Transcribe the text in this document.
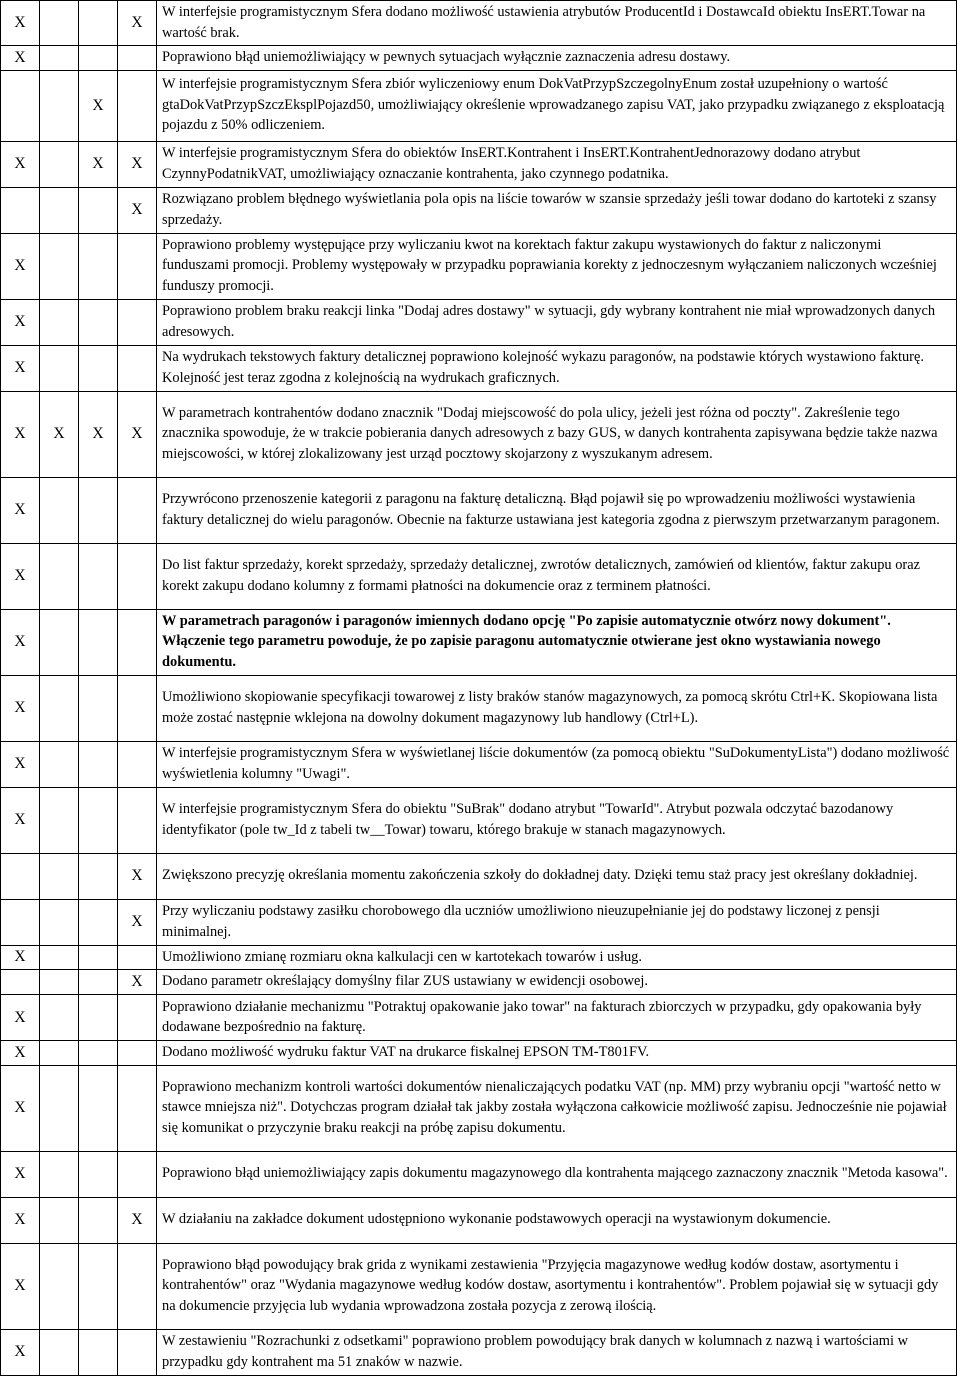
X			X	W interfejsie programistycznym Sfera dodano możliwość ustawienia atrybutów ProducentId i DostawcaId obiektu InsERT.Towar na wartość brak.
X				Poprawiono błąd uniemożliwiający w pewnych sytuacjach wyłącznie zaznaczenia adresu dostawy.
		X		W interfejsie programistycznym Sfera zbiór wyliczeniowy enum DokVatPrzypSzczegolnyEnum został uzupełniony o wartość gtaDokVatPrzypSzczEksplPojazd50, umożliwiający określenie wprowadzanego zapisu VAT, jako przypadku związanego z eksploatacją pojazdu z 50% odliczeniem.
X		X	X	W interfejsie programistycznym Sfera do obiektów InsERT.Kontrahent i InsERT.KontrahentJednorazowy dodano atrybut CzynnyPodatnikVAT, umożliwiający oznaczanie kontrahenta, jako czynnego podatnika.
			X	Rozwiązano problem błędnego wyświetlania pola opis na liście towarów w szansie sprzedaży jeśli towar dodano do kartoteki z szansy sprzedaży.
X				Poprawiono problemy występujące przy wyliczaniu kwot na korektach faktur zakupu wystawionych do faktur z naliczonymi funduszami promocji. Problemy występowały w przypadku poprawiania korekty z jednoczesnym wyłączaniem naliczonych wcześniej funduszy promocji.
X				Poprawiono problem braku reakcji linka "Dodaj adres dostawy" w sytuacji, gdy wybrany kontrahent nie miał wprowadzonych danych adresowych.
X				Na wydrukach tekstowych faktury detalicznej poprawiono kolejność wykazu paragonów, na podstawie których wystawiono fakturę. Kolejność jest teraz zgodna z kolejnością na wydrukach graficznych.
X	X	X	X	W parametrach kontrahentów dodano znacznik "Dodaj miejscowość do pola ulicy, jeżeli jest różna od poczty". Zakreślenie tego znacznika spowoduje, że w trakcie pobierania danych adresowych z bazy GUS, w danych kontrahenta zapisywana będzie także nazwa miejscowości, w której zlokalizowany jest urząd pocztowy skojarzony z wyszukanym adresem.
X				Przywrócono przenoszenie kategorii z paragonu na fakturę detaliczną. Błąd pojawił się po wprowadzeniu możliwości wystawienia faktury detalicznej do wielu paragonów. Obecnie na fakturze ustawiana jest kategoria zgodna z pierwszym przetwarzanym paragonem.
X				Do list faktur sprzedaży, korekt sprzedaży, sprzedaży detalicznej, zwrotów detalicznych, zamówień od klientów, faktur zakupu oraz korekt zakupu dodano kolumny z formami płatności na dokumencie oraz z terminem płatności.
X				W parametrach paragonów i paragonów imiennych dodano opcję "Po zapisie automatycznie otwórz nowy dokument". Włączenie tego parametru powoduje, że po zapisie paragonu automatycznie otwierane jest okno wystawiania nowego dokumentu.
X				Umożliwiono skopiowanie specyfikacji towarowej z listy braków stanów magazynowych, za pomocą skrótu Ctrl+K. Skopiowana lista może zostać następnie wklejona na dowolny dokument magazynowy lub handlowy (Ctrl+L).
X				W interfejsie programistycznym Sfera w wyświetlanej liście dokumentów (za pomocą obiektu "SuDokumentyLista") dodano możliwość wyświetlenia kolumny "Uwagi".
X				W interfejsie programistycznym Sfera do obiektu "SuBrak" dodano atrybut "TowarId". Atrybut pozwala odczytać bazodanowy identyfikator (pole tw_Id z tabeli tw__Towar) towaru, którego brakuje w stanach magazynowych.
			X	Zwiększono precyzję określania momentu zakończenia szkoły do dokładnej daty. Dzięki temu staż pracy jest określany dokładniej.
			X	Przy wyliczaniu podstawy zasiłku chorobowego dla uczniów umożliwiono nieuzupełnianie jej do podstawy liczonej z pensji minimalnej.
X				Umożliwiono zmianę rozmiaru okna kalkulacji cen w kartotekach towarów i usług.
			X	Dodano parametr określający domyślny filar ZUS ustawiany w ewidencji osobowej.
X				Poprawiono działanie mechanizmu "Potraktuj opakowanie jako towar" na fakturach zbiorczych w przypadku, gdy opakowania były dodawane bezpośrednio na fakturę.
X				Dodano możliwość wydruku faktur VAT na drukarce fiskalnej EPSON TM-T801FV.
X				Poprawiono mechanizm kontroli wartości dokumentów nienaliczających podatku VAT (np. MM) przy wybraniu opcji "wartość netto w stawce mniejsza niż". Dotychczas program działał tak jakby została wyłączona całkowicie możliwość zapisu. Jednocześnie nie pojawiał się komunikat o przyczynie braku reakcji na próbę zapisu dokumentu.
X				Poprawiono błąd uniemożliwiający zapis dokumentu magazynowego dla kontrahenta mającego zaznaczony znacznik "Metoda kasowa".
X			X	W działaniu na zakładce dokument udostępniono wykonanie podstawowych operacji na wystawionym dokumencie.
X				Poprawiono błąd powodujący brak grida z wynikami zestawienia "Przyjęcia magazynowe według kodów dostaw, asortymentu i kontrahentów" oraz "Wydania magazynowe według kodów dostaw, asortymentu i kontrahentów". Problem pojawiał się w sytuacji gdy na dokumencie przyjęcia lub wydania wprowadzona została pozycja z zerową ilością.
X				W zestawieniu "Rozrachunki z odsetkami" poprawiono problem powodujący brak danych w kolumnach z nazwą i wartościami w przypadku gdy kontrahent ma 51 znaków w nazwie.
